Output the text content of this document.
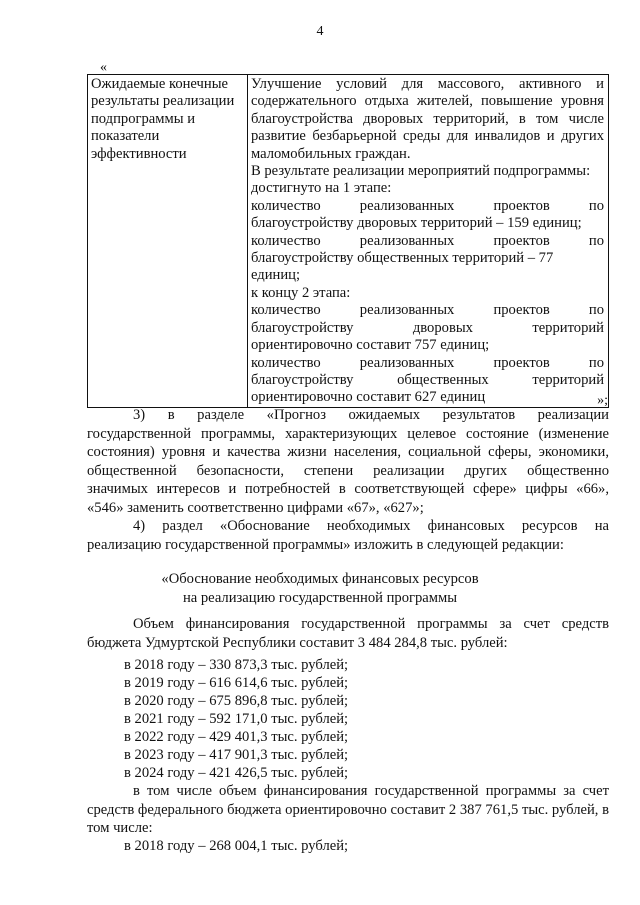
4
«
Ожидаемые конечные
результаты реализации
подпрограммы и
показатели
эффективности

Улучшение условий для массового, активного и
содержательного отдыха жителей, повышение уровня
благоустройства дворовых территорий, в том числе
развитие безбарьерной среды для инвалидов и других
маломобильных граждан.
В результате реализации мероприятий подпрограммы:
достигнуто на 1 этапе:
количество реализованных проектов по
благоустройству дворовых территорий – 159 единиц;
количество реализованных проектов по
благоустройству общественных территорий – 77 единиц;
к концу 2 этапа:
количество реализованных проектов по
благоустройству дворовых территорий
ориентировочно составит 757 единиц;
количество реализованных проектов по
благоустройству общественных территорий
ориентировочно составит 627 единиц	»;
3) в разделе «Прогноз ожидаемых результатов реализации
государственной программы, характеризующих целевое состояние (изменение
состояния) уровня и качества жизни населения, социальной сферы, экономики,
общественной безопасности, степени реализации других общественно
значимых интересов и потребностей в соответствующей сфере» цифры «66»,
«546» заменить соответственно цифрами «67», «627»;
4) раздел «Обоснование необходимых финансовых ресурсов на
реализацию государственной программы» изложить в следующей редакции:
«Обоснование необходимых финансовых ресурсов
на реализацию государственной программы
Объем финансирования государственной программы за счет средств
бюджета Удмуртской Республики составит 3 484 284,8 тыс. рублей:
в 2018 году – 330 873,3 тыс. рублей;
в 2019 году – 616 614,6 тыс. рублей;
в 2020 году – 675 896,8 тыс. рублей;
в 2021 году – 592 171,0 тыс. рублей;
в 2022 году – 429 401,3 тыс. рублей;
в 2023 году – 417 901,3 тыс. рублей;
в 2024 году – 421 426,5 тыс. рублей;
в том числе объем финансирования государственной программы за счет
средств федерального бюджета ориентировочно составит 2 387 761,5 тыс. рублей, в
том числе:
в 2018 году – 268 004,1 тыс. рублей;
